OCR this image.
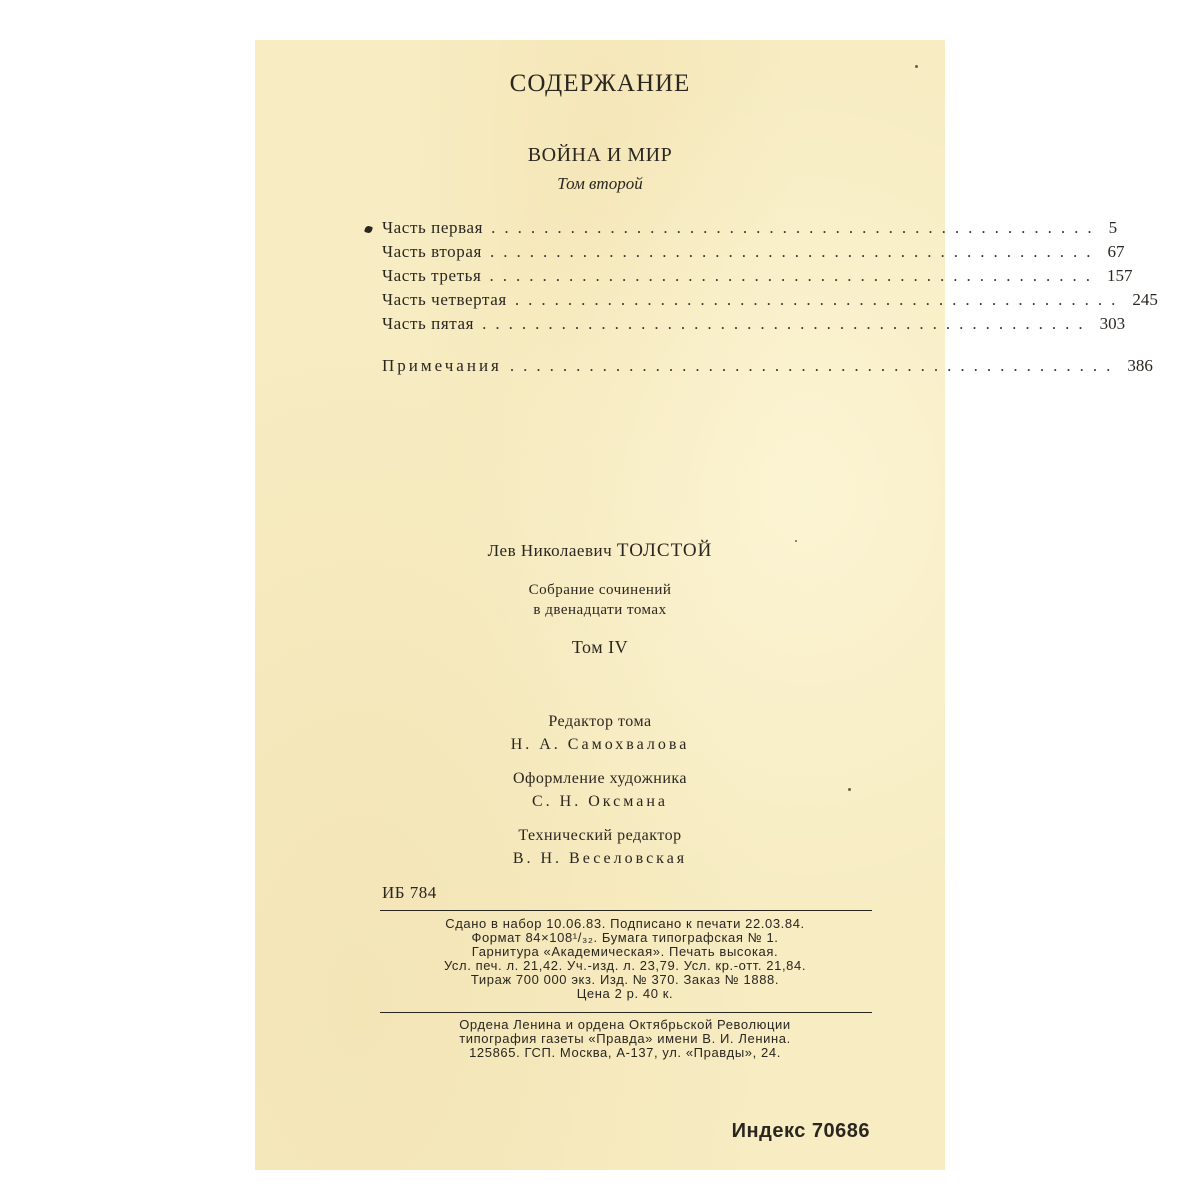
СОДЕРЖАНИЕ
ВОЙНА И МИР
Том второй
Часть первая .............................................. 5
Часть вторая .............................................. 67
Часть третья .............................................. 157
Часть четвертая .............................................. 245
Часть пятая .............................................. 303
Примечания .............................................. 386
Лев Николаевич ТОЛСТОЙ
Собрание сочинений
в двенадцати томах
Том IV
Редактор тома
Н. А. Самохвалова
Оформление художника
С. Н. Оксмана
Технический редактор
В. Н. Веселовская
ИБ 784
Сдано в набор 10.06.83. Подписано к печати 22.03.84.
Формат 84×108¹/₃₂. Бумага типографская № 1.
Гарнитура «Академическая». Печать высокая.
Усл. печ. л. 21,42. Уч.-изд. л. 23,79. Усл. кр.-отт. 21,84.
Тираж 700 000 экз. Изд. № 370. Заказ № 1888.
Цена 2 р. 40 к.
Ордена Ленина и ордена Октябрьской Революции
типография газеты «Правда» имени В. И. Ленина.
125865. ГСП. Москва, А-137, ул. «Правды», 24.
Индекс 70686
